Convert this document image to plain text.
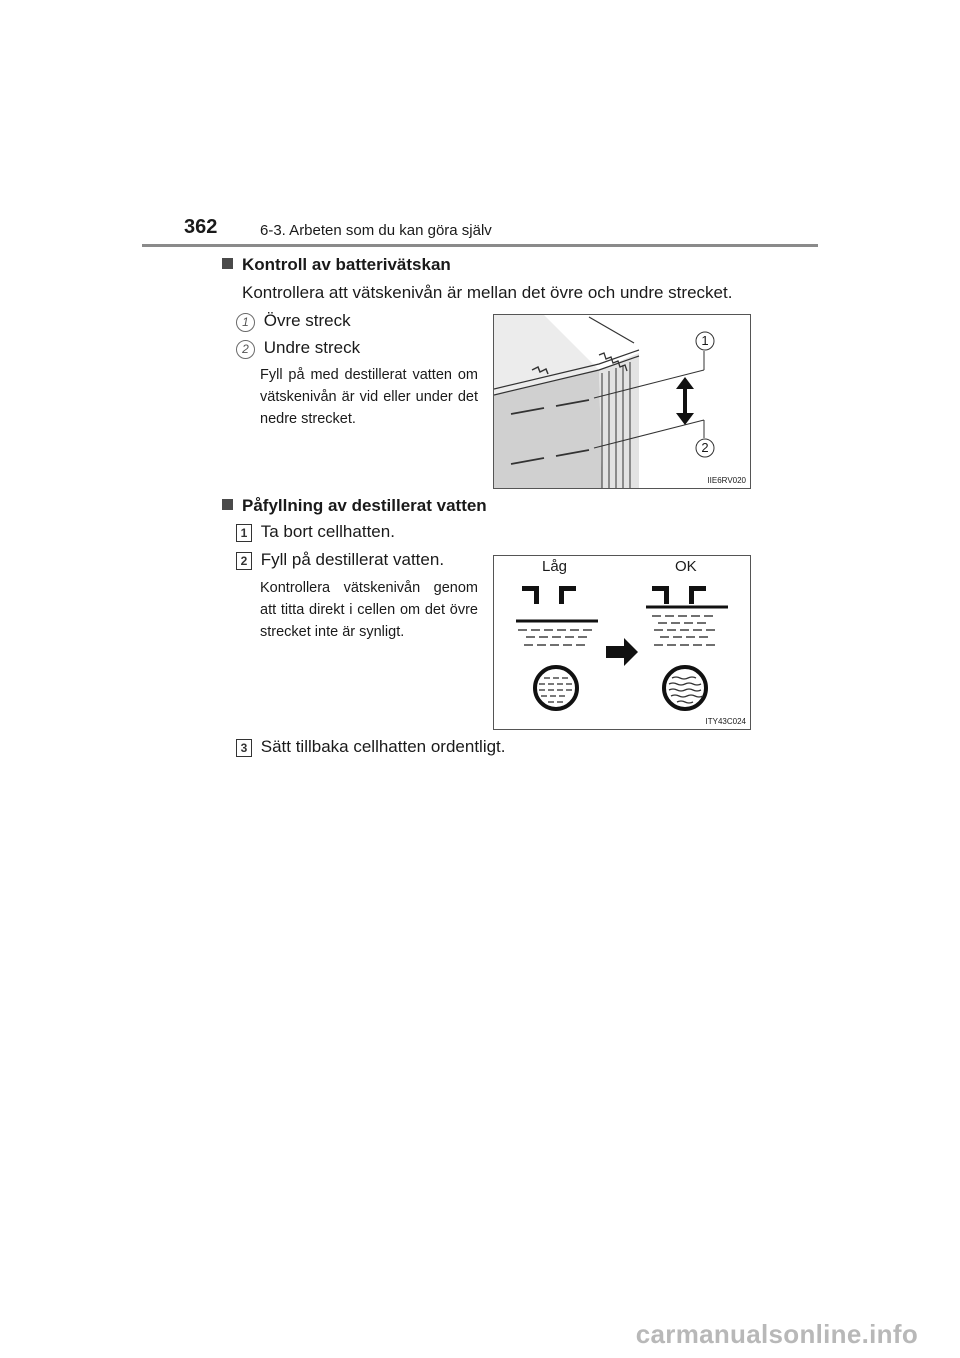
362	6-3. Arbeten som du kan göra själv
Kontroll av batterivätskan
Kontrollera att vätskenivån är mellan det övre och undre strecket.
1 Övre streck
2 Undre streck
Fyll på med destillerat vatten om vätskenivån är vid eller under det nedre strecket.
1
2
IIE6RV020
Påfyllning av destillerat vatten
1 Ta bort cellhatten.
2 Fyll på destillerat vatten.
Kontrollera vätskenivån genom att titta direkt i cellen om det övre strecket inte är synligt.
Låg	OK
ITY43C024
3 Sätt tillbaka cellhatten ordentligt.
carmanualsonline.info
